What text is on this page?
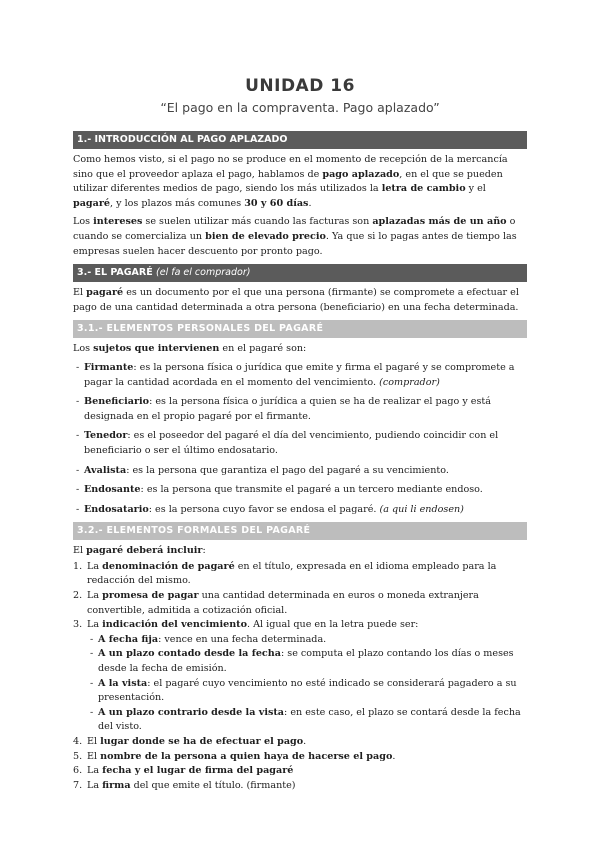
UNIDAD 16
“El pago en la compraventa. Pago aplazado”
1.- INTRODUCCIÓN AL PAGO APLAZADO

Como hemos visto, si el pago no se produce en el momento de recepción de la mercancía sino que el proveedor aplaza el pago, hablamos de pago aplazado, en el que se pueden utilizar diferentes medios de pago, siendo los más utilizados la letra de cambio y el pagaré, y los plazos más comunes 30 y 60 días.

Los intereses se suelen utilizar más cuando las facturas son aplazadas más de un año o cuando se comercializa un bien de elevado precio. Ya que si lo pagas antes de tiempo las empresas suelen hacer descuento por pronto pago.

3.- EL PAGARÉ (el fa el comprador)

El pagaré es un documento por el que una persona (firmante) se compromete a efectuar el pago de una cantidad determinada a otra persona (beneficiario) en una fecha determinada.

3.1.- ELEMENTOS PERSONALES DEL PAGARÉ

Los sujetos que intervienen en el pagaré son:

- Firmante: es la persona física o jurídica que emite y firma el pagaré y se compromete a pagar la cantidad acordada en el momento del vencimiento. (comprador)
- Beneficiario: es la persona física o jurídica a quien se ha de realizar el pago y está designada en el propio pagaré por el firmante.
- Tenedor: es el poseedor del pagaré el día del vencimiento, pudiendo coincidir con el beneficiario o ser el último endosatario.
- Avalista: es la persona que garantiza el pago del pagaré a su vencimiento.
- Endosante: es la persona que transmite el pagaré a un tercero mediante endoso.
- Endosatario: es la persona cuyo favor se endosa el pagaré. (a qui li endosen)
3.2.- ELEMENTOS FORMALES DEL PAGARÉ

El pagaré deberá incluir:

1. La denominación de pagaré en el título, expresada en el idioma empleado para la redacción del mismo.
2. La promesa de pagar una cantidad determinada en euros o moneda extranjera convertible, admitida a cotización oficial.
3. La indicación del vencimiento. Al igual que en la letra puede ser:
- A fecha fija: vence en una fecha determinada.
- A un plazo contado desde la fecha: se computa el plazo contando los días o meses desde la fecha de emisión.
- A la vista: el pagaré cuyo vencimiento no esté indicado se considerará pagadero a su presentación.
- A un plazo contrario desde la vista: en este caso, el plazo se contará desde la fecha del visto.
4. El lugar donde se ha de efectuar el pago.
5. El nombre de la persona a quien haya de hacerse el pago.
6. La fecha y el lugar de firma del pagaré
7. La firma del que emite el título. (firmante)
